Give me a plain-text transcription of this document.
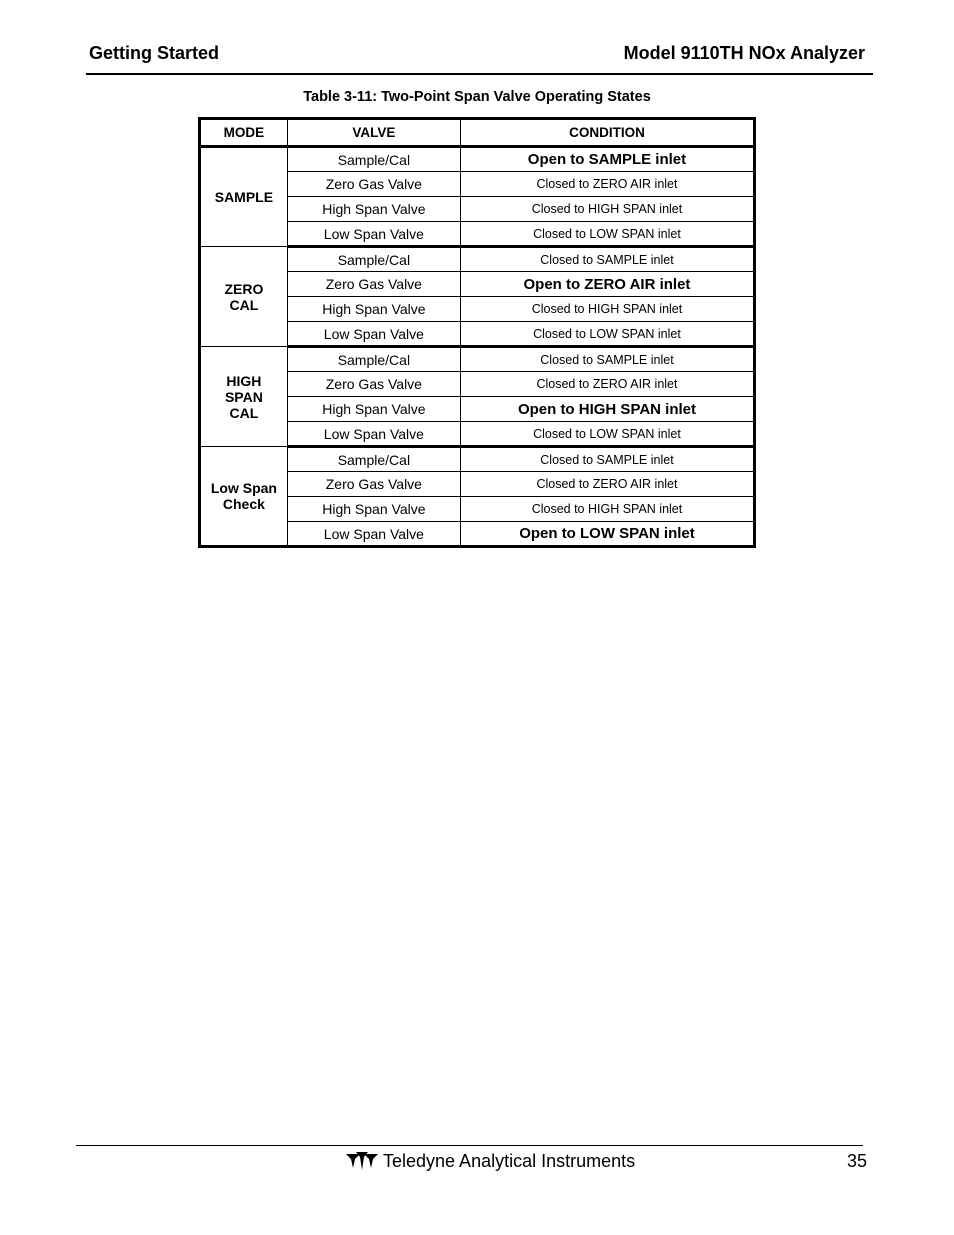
Getting Started	Model 9110TH NOx Analyzer
Table 3-11: Two-Point Span Valve Operating States
MODE	VALVE	CONDITION

SAMPLE	Sample/Cal	Open to SAMPLE inlet
	Zero Gas Valve	Closed to ZERO AIR inlet
	High Span Valve	Closed to HIGH SPAN inlet
	Low Span Valve	Closed to LOW SPAN inlet

ZERO
CAL	Sample/Cal	Closed to SAMPLE inlet
	Zero Gas Valve	Open to ZERO AIR inlet
	High Span Valve	Closed to HIGH SPAN inlet
	Low Span Valve	Closed to LOW SPAN inlet

HIGH
SPAN
CAL	Sample/Cal	Closed to SAMPLE inlet
	Zero Gas Valve	Closed to ZERO AIR inlet
	High Span Valve	Open to HIGH SPAN inlet
	Low Span Valve	Closed to LOW SPAN inlet

Low Span
Check	Sample/Cal	Closed to SAMPLE inlet
	Zero Gas Valve	Closed to ZERO AIR inlet
	High Span Valve	Closed to HIGH SPAN inlet
	Low Span Valve	Open to LOW SPAN inlet
Teledyne Analytical Instruments	35
